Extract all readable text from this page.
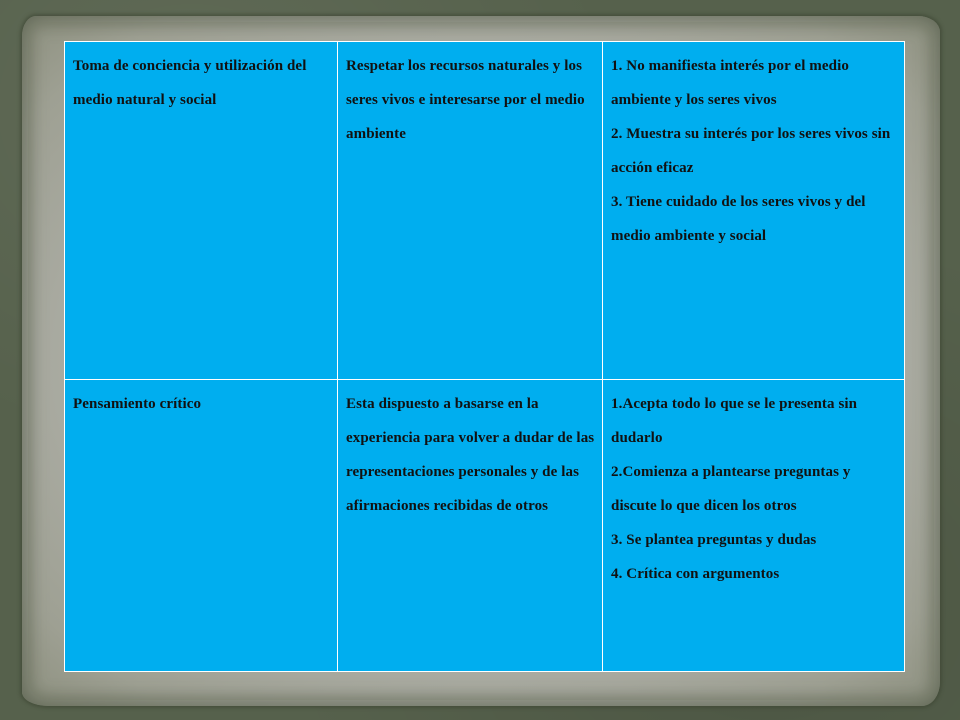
Toma de conciencia y utilización del medio natural y social	Respetar los recursos naturales y los seres vivos e interesarse por el medio ambiente	1. No manifiesta interés por el medio ambiente y los seres vivos
2. Muestra su interés por los seres vivos sin acción eficaz
3. Tiene cuidado de los seres vivos y del medio ambiente y social

Pensamiento crítico	Esta dispuesto a basarse en la experiencia para volver a dudar de las representaciones personales y de las afirmaciones recibidas de otros	1.Acepta todo lo que se le presenta sin dudarlo
2.Comienza a plantearse preguntas y discute lo que dicen los otros
3. Se plantea preguntas y dudas
4. Crítica con argumentos
